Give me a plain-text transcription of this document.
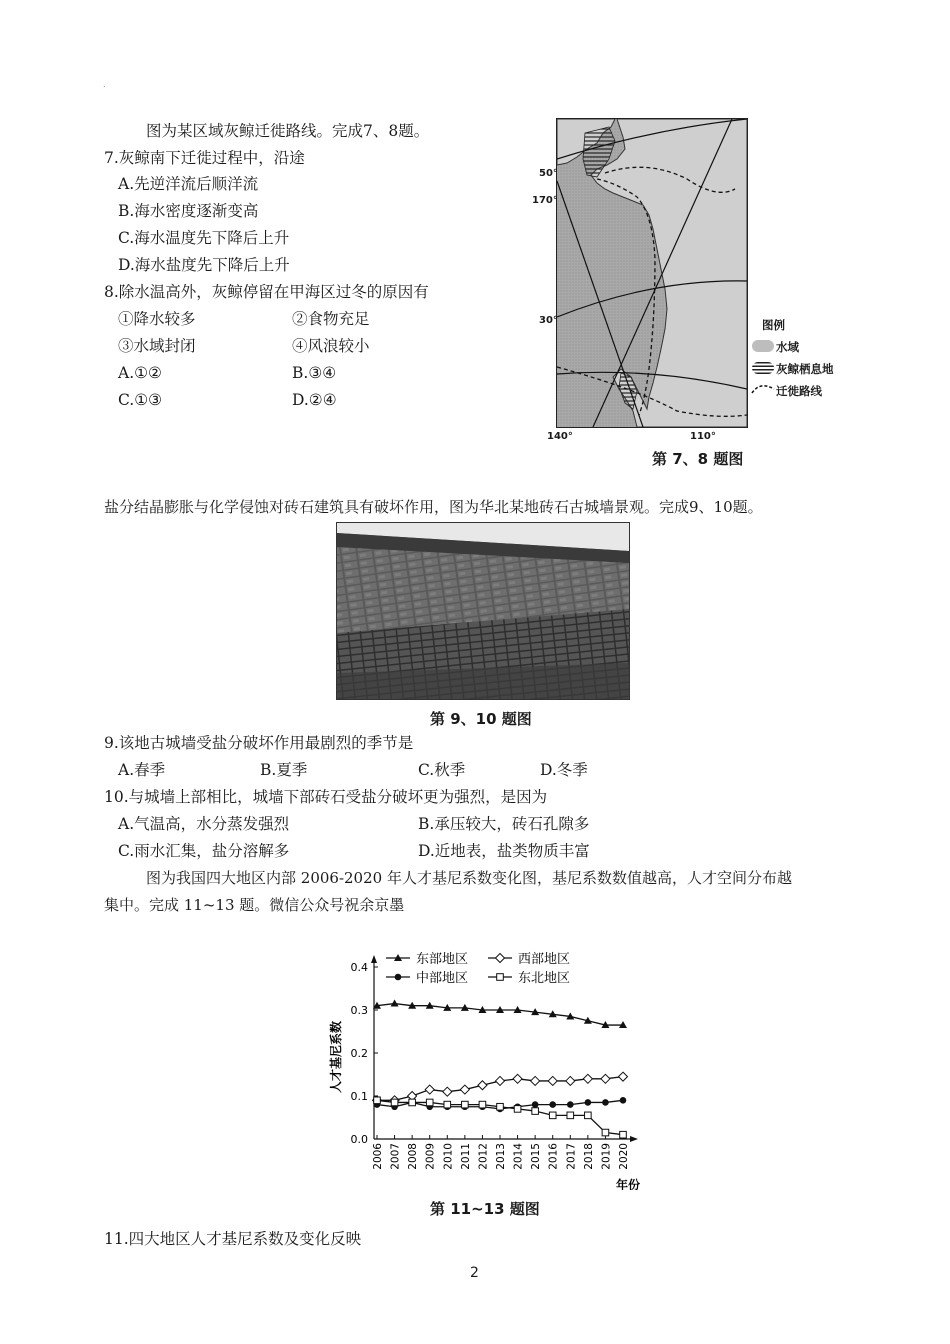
.
图为某区域灰鲸迁徙路线。完成7、8题。
7.灰鲸南下迁徙过程中，沿途
A.先逆洋流后顺洋流
B.海水密度逐渐变高
C.海水温度先下降后上升
D.海水盐度先下降后上升
8.除水温高外，灰鲸停留在甲海区过冬的原因有
①降水较多	②食物充足
③水域封闭	④风浪较小
A.①②	B.③④
C.①③	D.②④
50°
170°
30°
140°	110°
图例
水域
灰鲸栖息地
迁徙路线
第 7、8 题图
盐分结晶膨胀与化学侵蚀对砖石建筑具有破坏作用，图为华北某地砖石古城墙景观。完成9、10题。
第 9、10 题图
9.该地古城墙受盐分破坏作用最剧烈的季节是
A.春季	B.夏季	C.秋季	D.冬季
10.与城墙上部相比，城墙下部砖石受盐分破坏更为强烈，是因为
A.气温高，水分蒸发强烈	B.承压较大，砖石孔隙多
C.雨水汇集，盐分溶解多	D.近地表，盐类物质丰富
图为我国四大地区内部 2006-2020 年人才基尼系数变化图，基尼系数数值越高，人才空间分布越
集中。完成 11~13 题。微信公众号祝余京墨
0.0
0.1
0.2
0.3
0.4
2006 2007 2008 2009 2010 2011 2012 2013 2014 2015 2016 2017 2018 2019 2020
人才基尼系数
年份
东部地区	西部地区
中部地区	东北地区
第 11~13 题图
11.四大地区人才基尼系数及变化反映
2
